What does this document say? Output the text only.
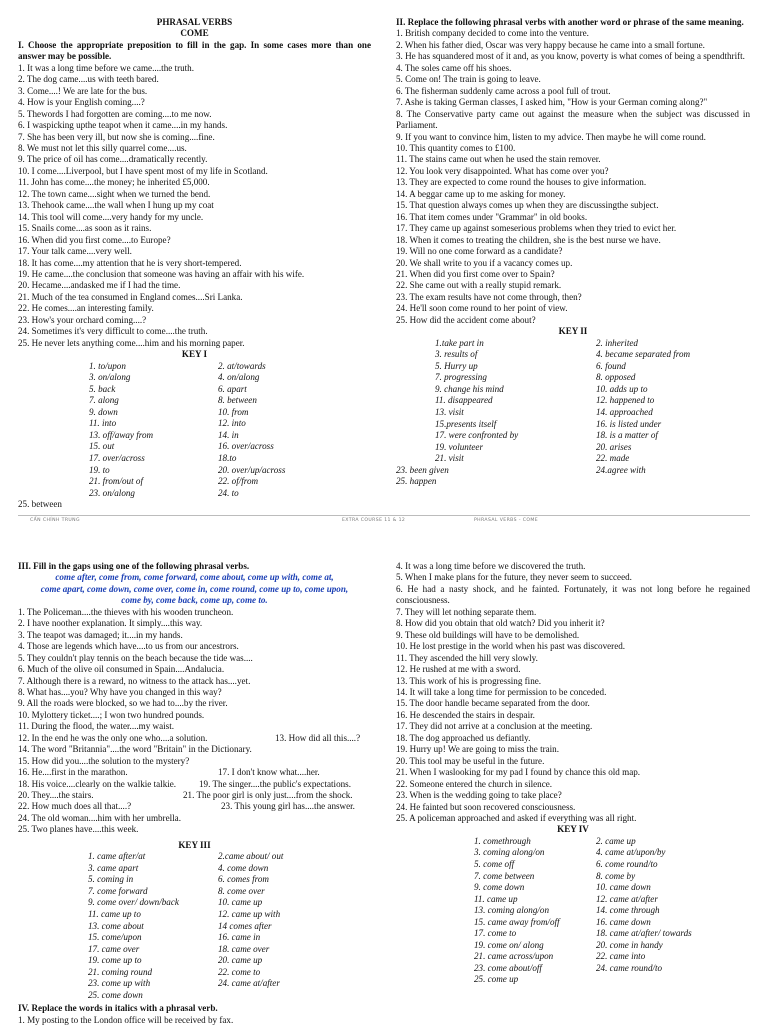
PHRASAL VERBS
COME
I. Choose the appropriate preposition to fill in the gap. In some cases more than one answer may be possible.
1. It was a long time before we came....the truth.
2. The dog came....us with teeth bared.
3. Come....! We are late for the bus.
4. How is your English coming....?
5. Thewords I had forgotten are coming....to me now.
6. I waspicking upthe teapot when it came....in my hands.
7. She has been very ill, but now she is coming....fine.
8. We must not let this silly quarrel come....us.
9. The price of oil has come....dramatically recently.
10. I come....Liverpool, but I have spent most of my life in Scotland.
11. John has come....the money; he inherited £5,000.
12. The town came....sight when we turned the bend.
13. Thehook came....the wall when I hung up my coat
14. This tool will come....very handy for my uncle.
15. Snails come....as soon as it rains.
16. When did you first come....to Europe?
17. Your talk came....very well.
18. It has come....my attention that he is very short-tempered.
19. He came....the conclusion that someone was having an affair with his wife.
20. Hecame....andasked me if I had the time.
21. Much of the tea consumed in England comes....Sri Lanka.
22. He comes....an interesting family.
23. How's your orchard coming....?
24. Sometimes it's very difficult to come....the truth.
25. He never lets anything come....him and his morning paper.
KEY I
1. to/upon	2. at/towards
3. on/along	4. on/along
5. back	6. apart
7. along	8. between
9. down	10. from
11. into	12. into
13. off/away from	14. in
15. out	16. over/across
17. over/across	18.to
19. to	20. over/up/across
21. from/out of	22. of/from
23. on/along	24. to
25. between
II. Replace the following phrasal verbs with another word or phrase of the same meaning.
1. British company decided to come into the venture.
2. When his father died, Oscar was very happy because he came into a small fortune.
3. He has squandered most of it and, as you know, poverty is what comes of being a spendthrift.
4. The soles came off his shoes.
5. Come on! The train is going to leave.
6. The fisherman suddenly came across a pool full of trout.
7. Ashe is taking German classes, I asked him, "How is your German coming along?"
8. The Conservative party came out against the measure when the subject was discussed in Parliament.
9. If you want to convince him, listen to my advice. Then maybe he will come round.
10. This quantity comes to £100.
11. The stains came out when he used the stain remover.
12. You look very disappointed. What has come over you?
13. They are expected to come round the houses to give information.
14. A beggar came up to me asking for money.
15. That question always comes up when they are discussingthe subject.
16. That item comes under "Grammar" in old books.
17. They came up against someserious problems when they tried to evict her.
18. When it comes to treating the children, she is the best nurse we have.
19. Will no one come forward as a candidate?
20. We shall write to you if a vacancy comes up.
21. When did you first come over to Spain?
22. She came out with a really stupid remark.
23. The exam results have not come through, then?
24. He'll soon come round to her point of view.
25. How did the accident come about?
KEY II
1.take part in	2. inherited
3. results of	4. became separated from
5. Hurry up	6. found
7. progressing	8. opposed
9. change his mind	10. adds up to
11. disappeared	12. happened to
13. visit	14. approached
15.presents itself	16. is listed under
17. were confronted by	18. is a matter of
19. volunteer	20. arises
21. visit	22. made
23. been given	24.agree with
25. happen
CẤN CHÍNH TRUNG	EXTRA COURSE 11 & 12	PHRASAL VERBS - COME
III. Fill in the gaps using one of the following phrasal verbs.
come after, come from, come forward, come about, come up with, come at,
come apart, come down, come over, come in, come round, come up to, come upon,
come by, come back, come up, come to.
1. The Policeman....the thieves with his wooden truncheon.
2. I have noother explanation. It simply....this way.
3. The teapot was damaged; it....in my hands.
4. Those are legends which have....to us from our ancestrors.
5. They couldn't play tennis on the beach because the tide was....
6. Much of the olive oil consumed in Spain....Andalucia.
7. Although there is a reward, no witness to the attack has....yet.
8. What has....you? Why have you changed in this way?
9. All the roads were blocked, so we had to....by the river.
10. Mylottery ticket....; I won two hundred pounds.
11. During the flood, the water....my waist.
12. In the end he was the only one who....a solution.	13. How did all this....?
14. The word "Britannia"....the word "Britain" in the Dictionary.
15. How did you....the solution to the mystery?
16. He....first in the marathon.	17. I don't know what....her.
18. His voice....clearly on the walkie talkie.	19. The singer....the public's expectations.
20. They....the stairs.	21. The poor girl is only just....from the shock.
22. How much does all that....?	23. This young girl has....the answer.
24. The old woman....him with her umbrella.
25. Two planes have....this week.
KEY III
1. came after/at	2.came about/ out
3. came apart	4. come down
5. coming in	6. comes from
7. come forward	8. come over
9. come over/ down/back	10. came up
11. came up to	12. came up with
13. come about	14 comes after
15. come/upon	16. came in
17. came over	18. came over
19. come up to	20. came up
21. coming round	22. come to
23. come up with	24. came at/after
25. come down
IV. Replace the words in italics with a phrasal verb.
1. My posting to the London office will be received by fax.
4. It was a long time before we discovered the truth.
5. When I make plans for the future, they never seem to succeed.
6. He had a nasty shock, and he fainted. Fortunately, it was not long before he regained consciousness.
7. They will let nothing separate them.
8. How did you obtain that old watch? Did you inherit it?
9. These old buildings will have to be demolished.
10. He lost prestige in the world when his past was discovered.
11. They ascended the hill very slowly.
12. He rushed at me with a sword.
13. This work of his is progressing fine.
14. It will take a long time for permission to be conceded.
15. The door handle became separated from the door.
16. He descended the stairs in despair.
17. They did not arrive at a conclusion at the meeting.
18. The dog approached us defiantly.
19. Hurry up! We are going to miss the train.
20. This tool may be useful in the future.
21. When I waslooking for my pad I found by chance this old map.
22. Someone entered the church in silence.
23. When is the wedding going to take place?
24. He fainted but soon recovered consciousness.
25. A policeman approached and asked if everything was all right.
KEY IV
1. comethrough	2. came up
3. coming along/on	4. came at/upon/by
5. come off	6. come round/to
7. come between	8. come by
9. come down	10. came down
11. came up	12. came at/after
13. coming along/on	14. come through
15. came away from/off	16. came down
17. come to	18. came at/after/ towards
19. come on/ along	20. come in handy
21. came across/upon	22. came into
23. come about/off	24. came round/to
25. come up
